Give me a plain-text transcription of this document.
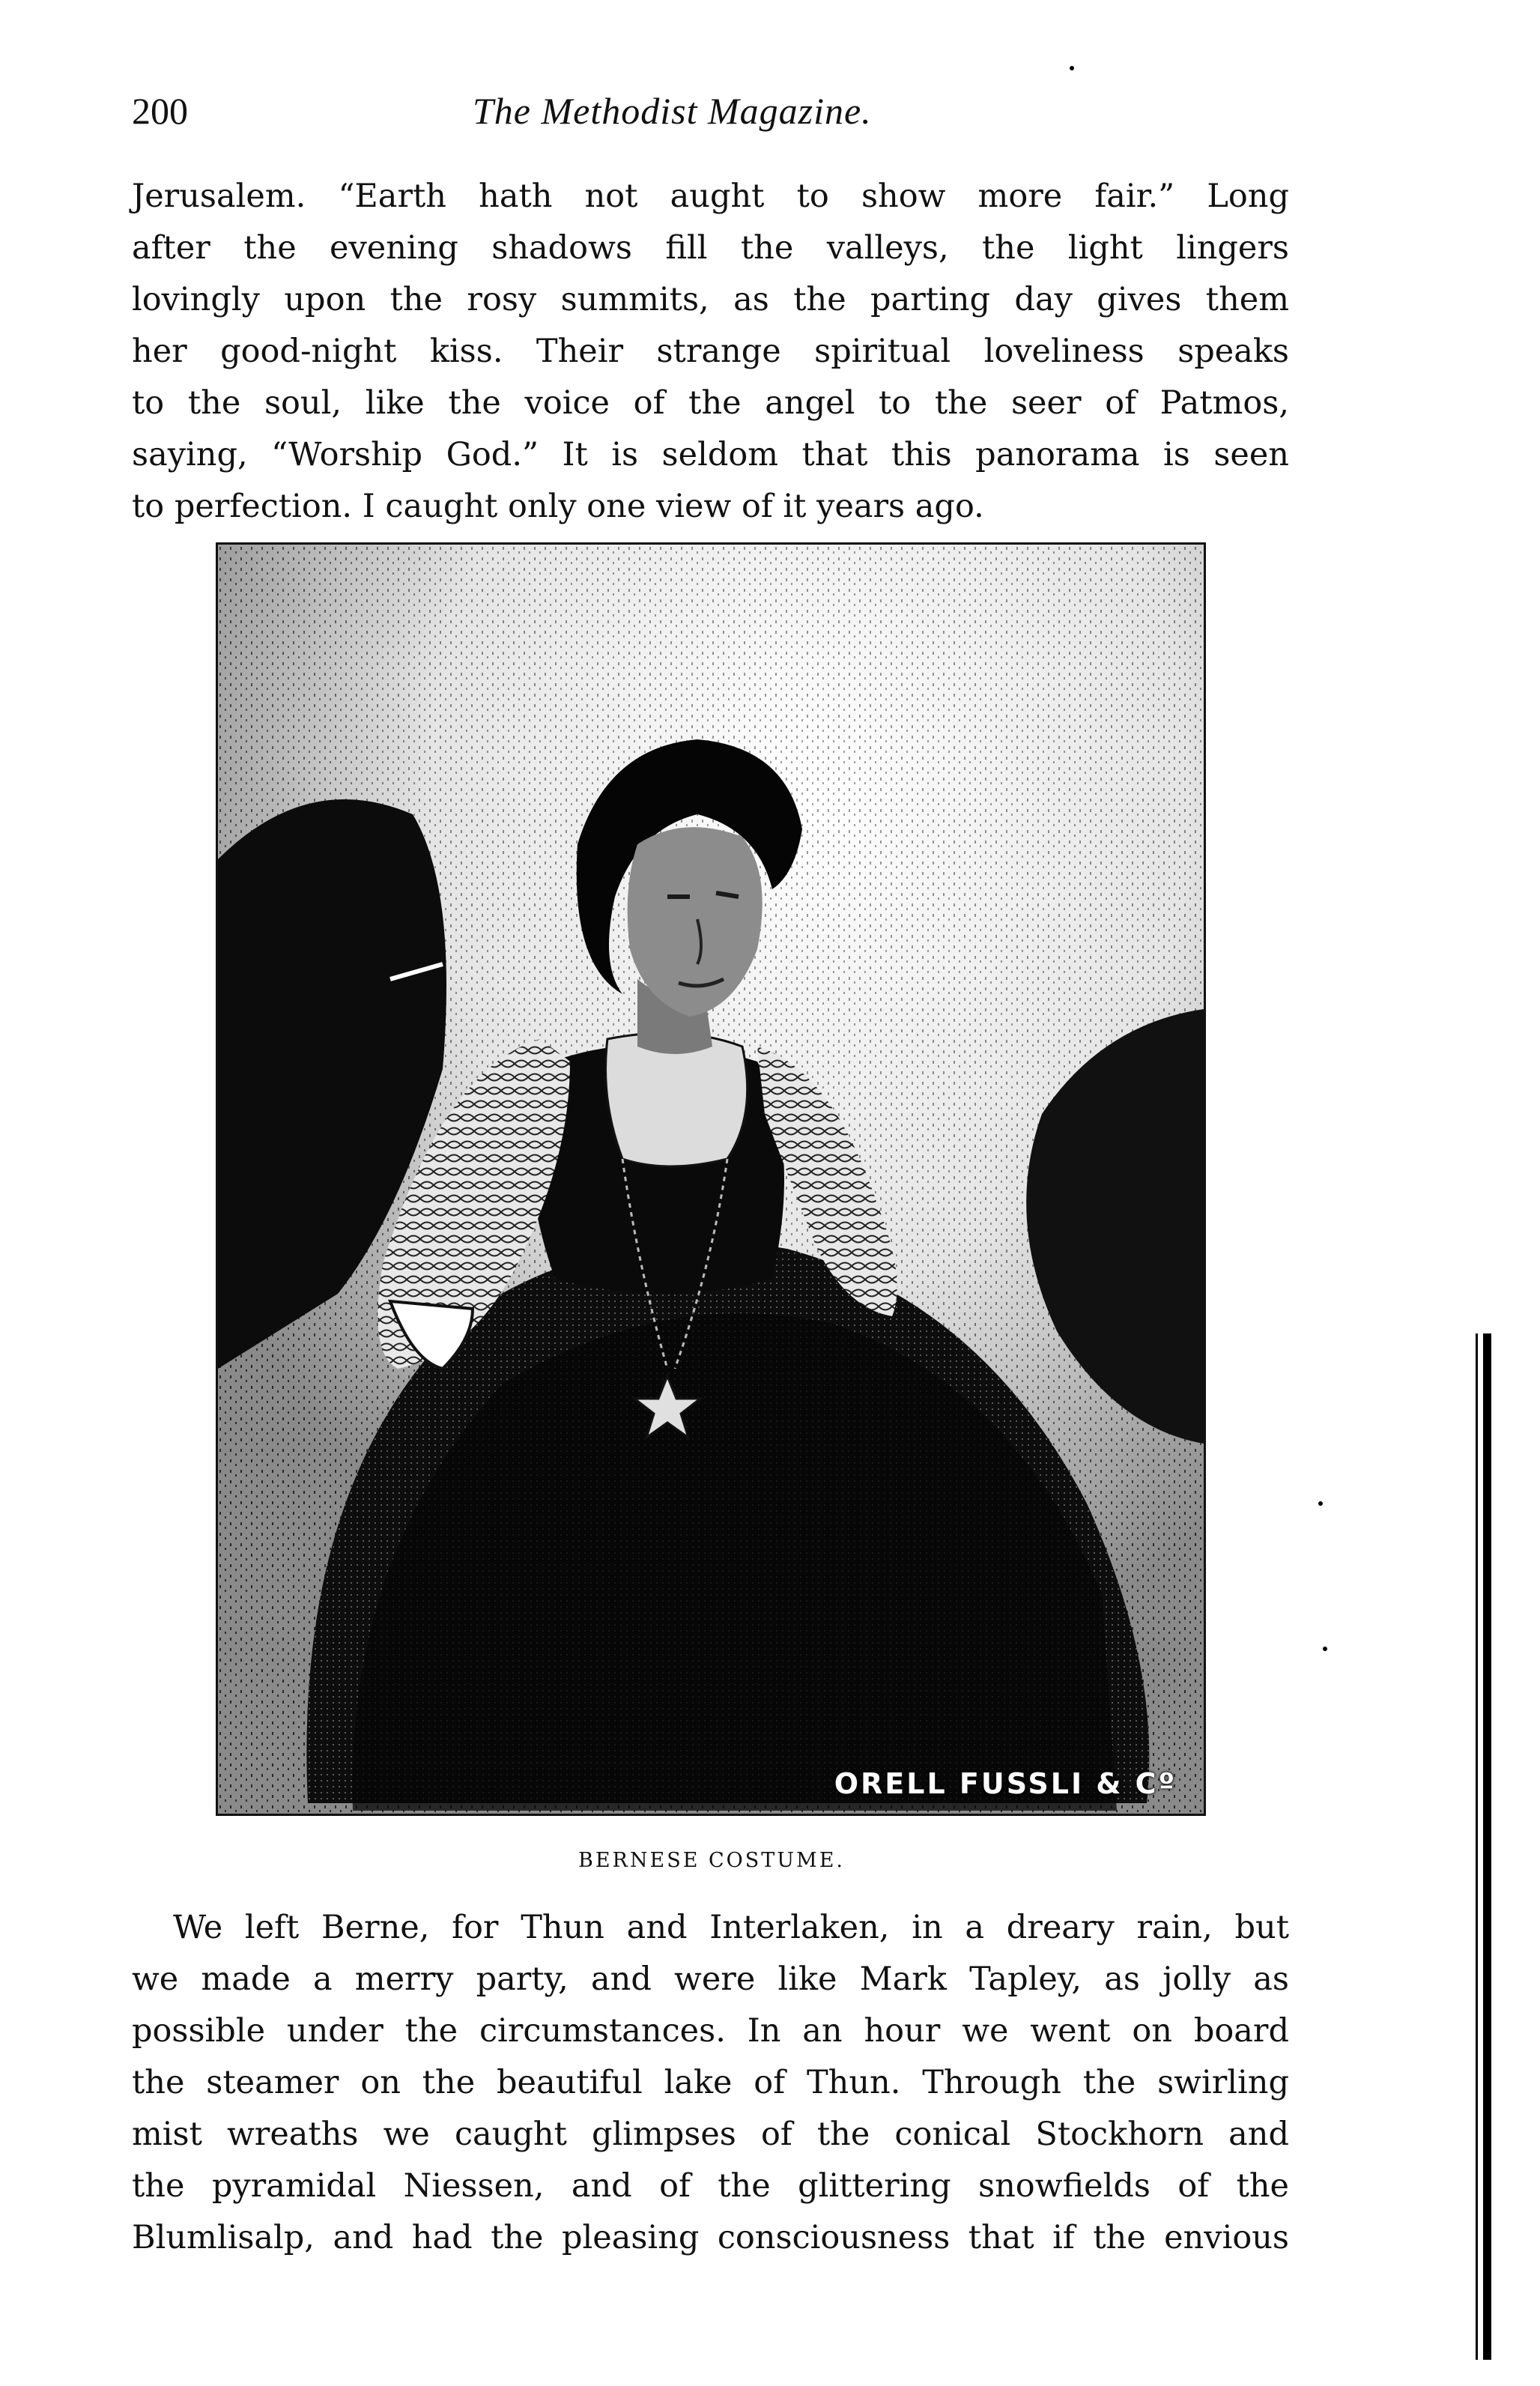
200	The Methodist Magazine.
Jerusalem. “Earth hath not aught to show more fair.” Long
after the evening shadows fill the valleys, the light lingers
lovingly upon the rosy summits, as the parting day gives them
her good-night kiss. Their strange spiritual loveliness speaks
to the soul, like the voice of the angel to the seer of Patmos,
saying, “Worship God.” It is seldom that this panorama is seen
to perfection. I caught only one view of it years ago.
ORELL FUSSLI & Cº
BERNESE COSTUME.
We left Berne, for Thun and Interlaken, in a dreary rain, but
we made a merry party, and were like Mark Tapley, as jolly as
possible under the circumstances. In an hour we went on board
the steamer on the beautiful lake of Thun. Through the swirling
mist wreaths we caught glimpses of the conical Stockhorn and
the pyramidal Niessen, and of the glittering snowfields of the
Blumlisalp, and had the pleasing consciousness that if the envious
